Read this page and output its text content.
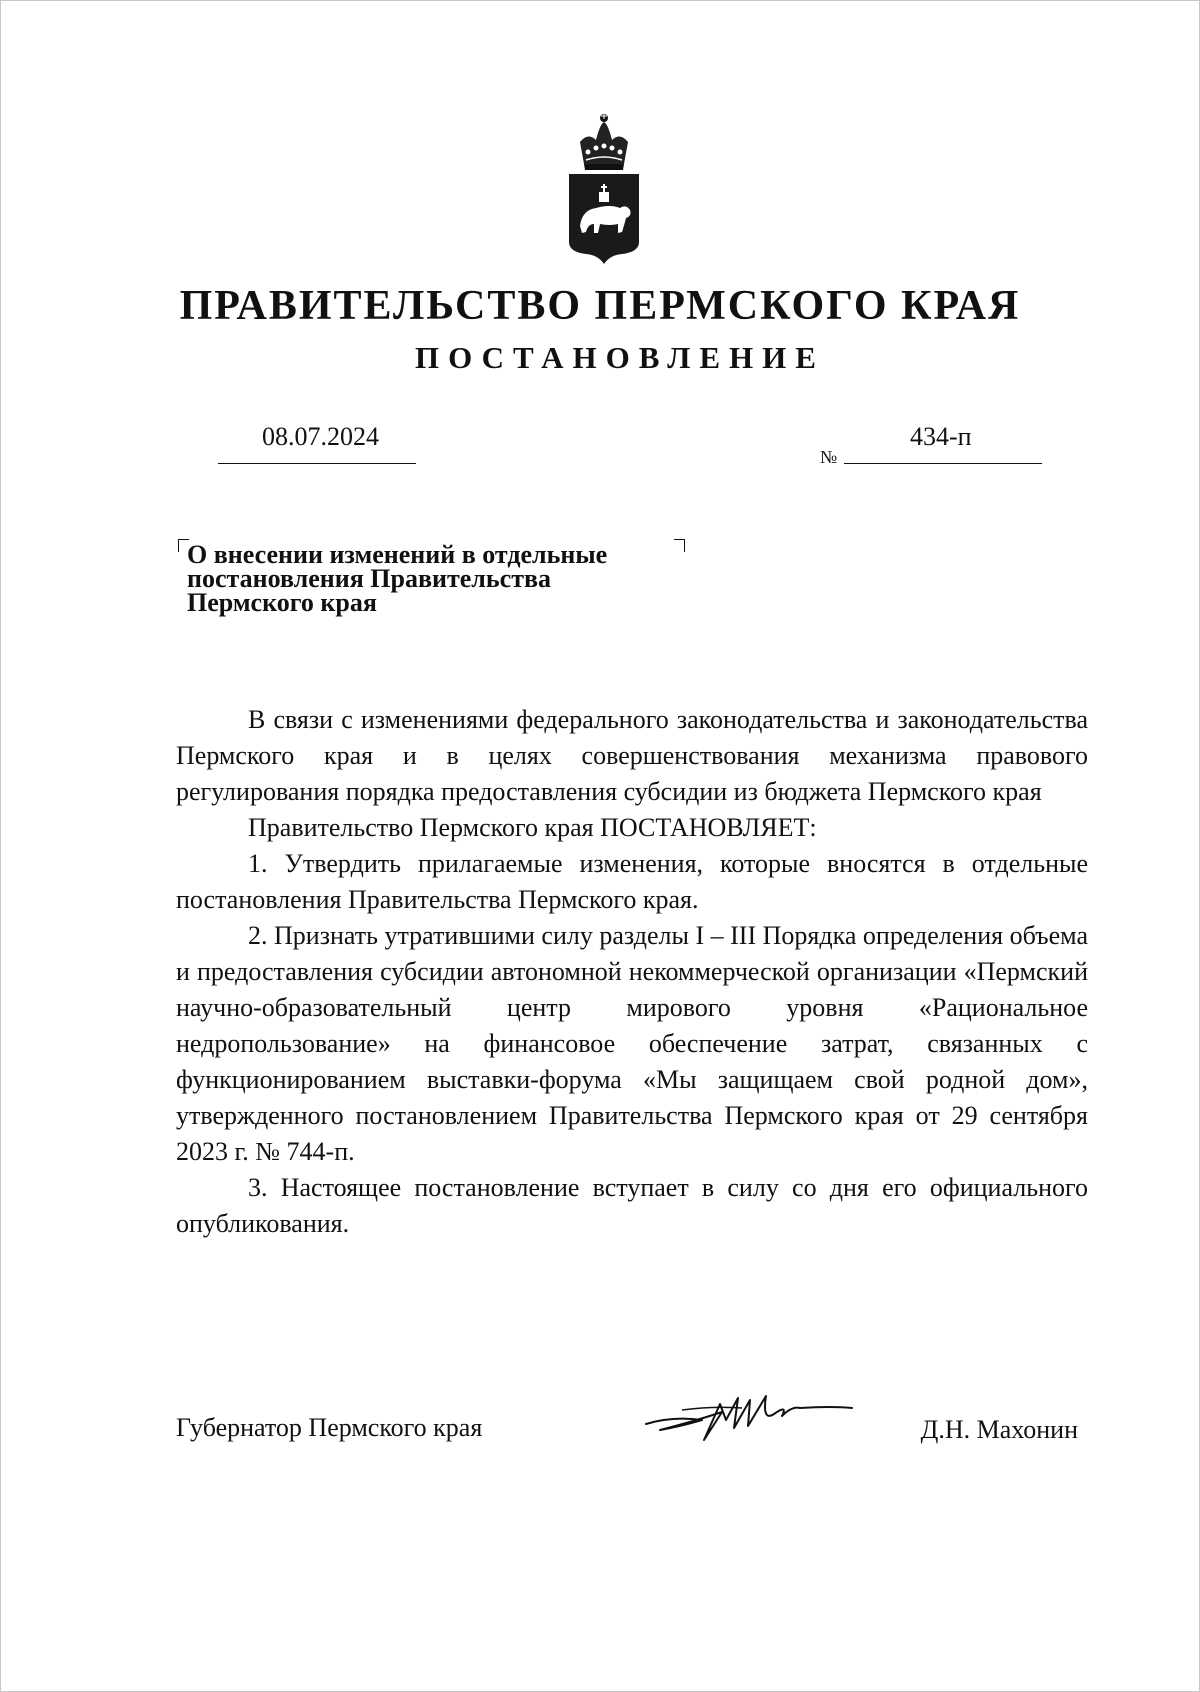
ПРАВИТЕЛЬСТВО ПЕРМСКОГО КРАЯ
ПОСТАНОВЛЕНИЕ
08.07.2024
№
434-п
О внесении изменений в отдельные
постановления Правительства
Пермского края

В связи с изменениями федерального законодательства и законодательства Пермского края и в целях совершенствования механизма правового регулирования порядка предоставления субсидии из бюджета Пермского края

Правительство Пермского края ПОСТАНОВЛЯЕТ:

1. Утвердить прилагаемые изменения, которые вносятся в отдельные постановления Правительства Пермского края.

2. Признать утратившими силу разделы I – III Порядка определения объема и предоставления субсидии автономной некоммерческой организации «Пермский научно-образовательный центр мирового уровня «Рациональное недропользование» на финансовое обеспечение затрат, связанных с функционированием выставки-форума «Мы защищаем свой родной дом», утвержденного постановлением Правительства Пермского края от 29 сентября 2023 г. № 744-п.

3. Настоящее постановление вступает в силу со дня его официального опубликования.

Губернатор Пермского края	Д.Н. Махонин
